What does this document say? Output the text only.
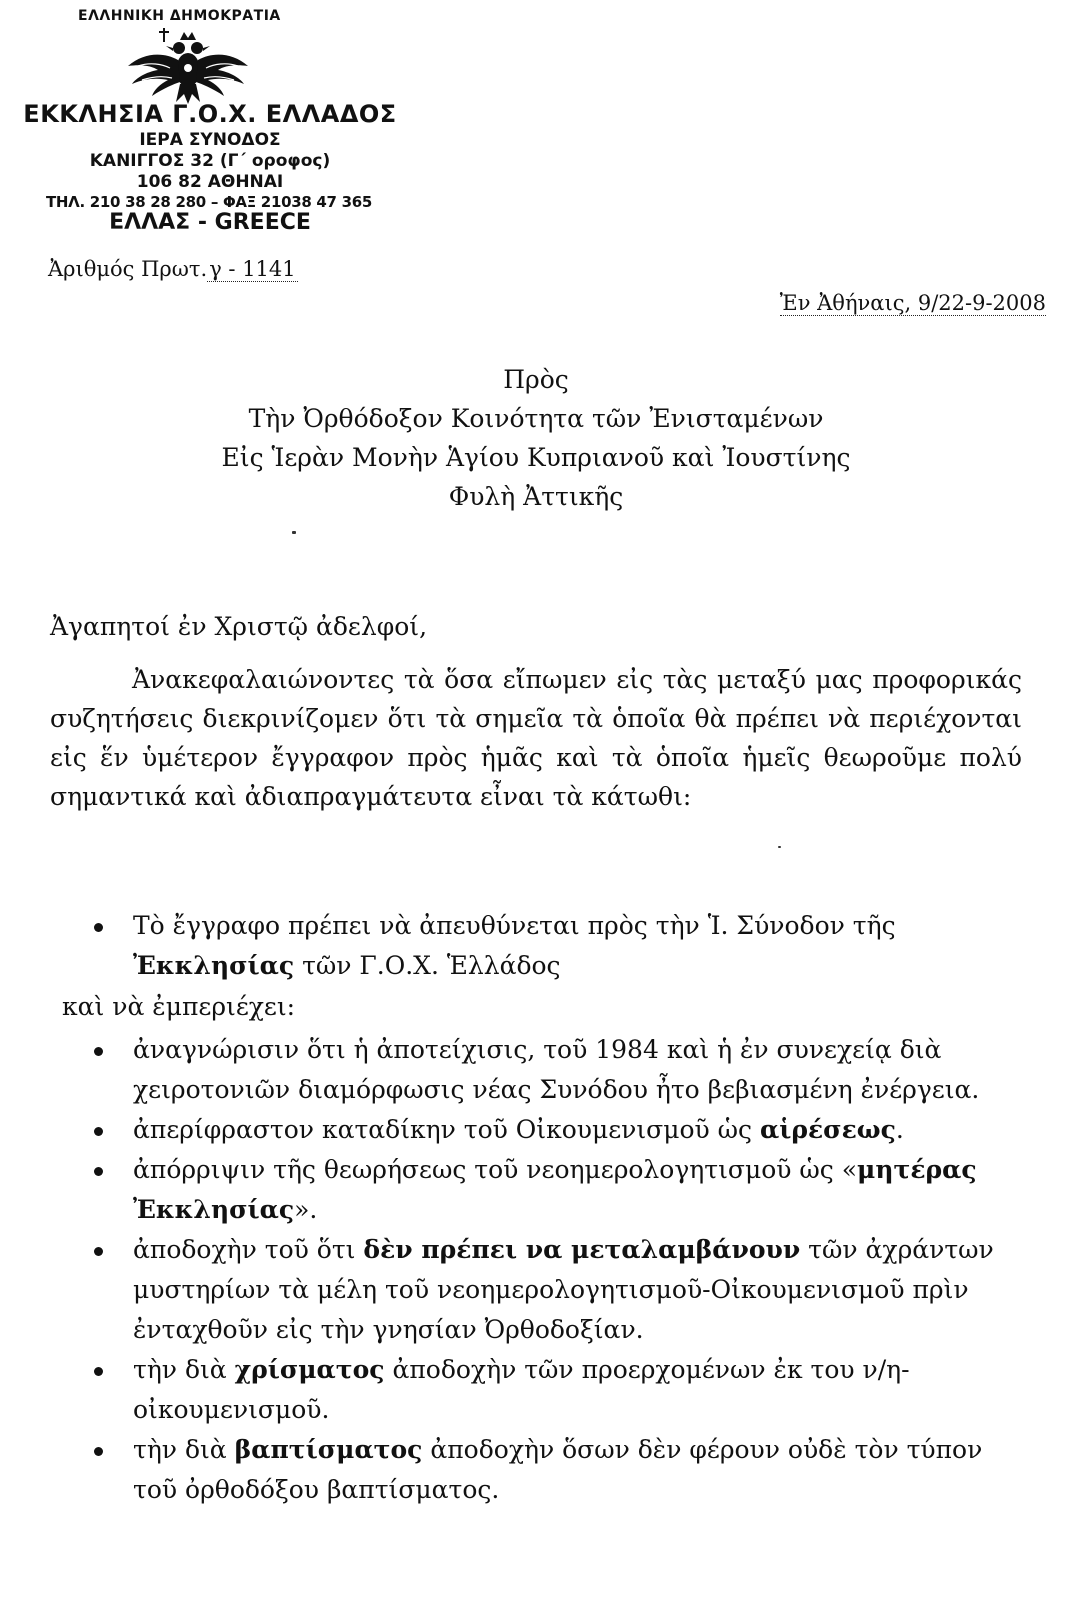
ΕΛΛΗΝΙΚΗ ΔΗΜΟΚΡΑΤΙΑ
ΕΚΚΛΗΣΙΑ Γ.Ο.Χ. ΕΛΛΑΔΟΣ
ΙΕΡΑ ΣΥΝΟΔΟΣ
ΚΑΝΙΓΓΟΣ 32 (Γ΄ οροφος)
106 82 ΑΘΗΝΑΙ
ΤΗΛ. 210 38 28 280 – ΦΑΞ 21038 47 365
ΕΛΛΑΣ - GREECE
Ἀριθμός Πρωτ.γ - 1141
Ἐν Ἀθήναις, 9/22-9-2008
Πρὸς
Τὴν Ὀρθόδοξον Κοινότητα τῶν Ἐνισταμένων
Εἰς Ἱερὰν Μονὴν Ἁγίου Κυπριανοῦ καὶ Ἰουστίνης
Φυλὴ Ἀττικῆς
Ἀγαπητοί ἐν Χριστῷ ἀδελφοί,
Ἀνακεφαλαιώνοντες τὰ ὅσα εἴπωμεν εἰς τὰς μεταξύ μας προφορικάς συζητήσεις διεκρινίζομεν ὅτι τὰ σημεῖα τὰ ὁποῖα θὰ πρέπει νὰ περιέχονται εἰς ἕν ὑμέτερον ἔγγραφον πρὸς ἡμᾶς καὶ τὰ ὁποῖα ἡμεῖς θεωροῦμε πολύ σημαντικά καὶ ἀδιαπραγμάτευτα εἶναι τὰ κάτωθι:
Τὸ ἔγγραφο πρέπει νὰ ἀπευθύνεται πρὸς τὴν Ἱ. Σύνοδον τῆς Ἐκκλησίας τῶν Γ.Ο.Χ. Ἑλλάδος
καὶ νὰ ἐμπεριέχει:
ἀναγνώρισιν ὅτι ἡ ἀποτείχισις, τοῦ 1984 καὶ ἡ ἐν συνεχείᾳ διὰ χειροτονιῶν διαμόρφωσις νέας Συνόδου ἦτο βεβιασμένη ἐνέργεια.
ἀπερίφραστον καταδίκην τοῦ Οἰκουμενισμοῦ ὡς αἱρέσεως.
ἀπόρριψιν τῆς θεωρήσεως τοῦ νεοημερολογητισμοῦ ὡς «μητέρας Ἐκκλησίας».
ἀποδοχὴν τοῦ ὅτι δὲν πρέπει να μεταλαμβάνουν τῶν ἀχράντων μυστηρίων τὰ μέλη τοῦ νεοημερολογητισμοῦ-Οἰκουμενισμοῦ πρὶν ἐνταχθοῦν εἰς τὴν γνησίαν Ὀρθοδοξίαν.
τὴν διὰ χρίσματος ἀποδοχὴν τῶν προερχομένων ἐκ του ν/η-οἰκουμενισμοῦ.
τὴν διὰ βαπτίσματος ἀποδοχὴν ὅσων δὲν φέρουν οὐδὲ τὸν τύπον τοῦ ὀρθοδόξου βαπτίσματος.
